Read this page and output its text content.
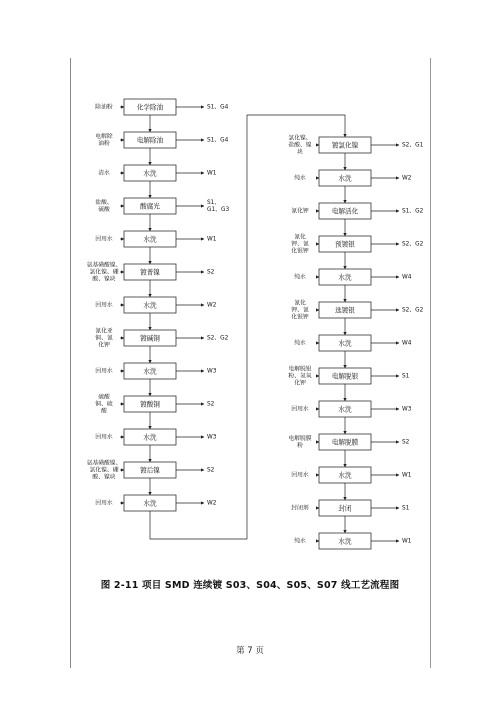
化学除油
除油粉	S1、G4
电解除油
电解除
油粉
S1、G4
水洗
清水	W1
酸腐光
盐酸、
硫酸
S1、
G1、G3
水洗
回用水	W1
镀普镍
氨基磺酸镍、
氯化镍、硼
酸、镍块
S2
水洗
回用水	W2
镀碱铜
氰化亚
铜、氰
化钾
S2、G2
水洗
回用水	W3
镀酸铜
硫酸
铜、硫
酸
S2
水洗
回用水	W3
镀后镍
氨基磺酸镍、
氯化镍、硼
酸、镍块
S2
水洗
回用水	W2
镀氯化镍
氯化镍、
盐酸、镍
块
S2、G1
水洗
纯水	W2
电解活化
氰化钾	S1、G2
预镀银
氰化
钾、氰
化银钾
S2、G2
水洗
纯水	W4
选镀银
氰化
钾、氰
化银钾
S2、G2
水洗
纯水	W4
电解脱银
电解脱银
粉、氢氧
化钾
S1
水洗
回用水	W3
电解脱膜
电解脱膜
粉
S2
水洗
回用水	W1
封闭
封闭剂	S1
水洗
纯水	W1
图 2-11 项目 SMD 连续镀 S03、S04、S05、S07 线工艺流程图
第 7 页
